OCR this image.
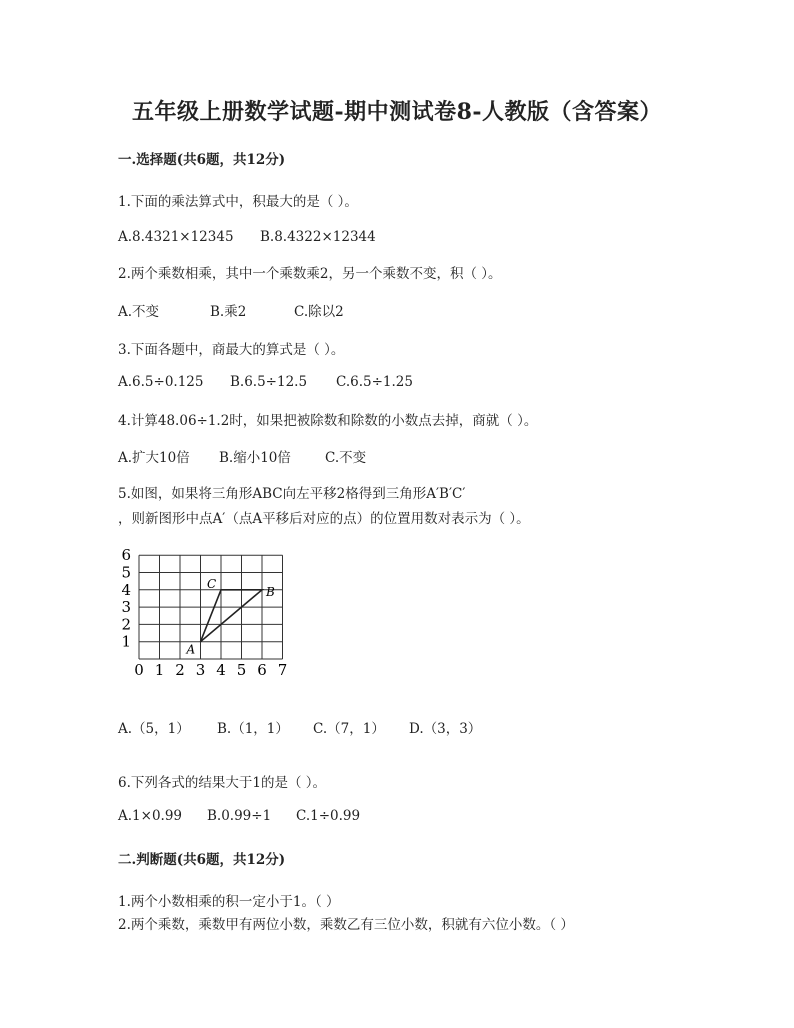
五年级上册数学试题-期中测试卷8-人教版（含答案）
一.选择题(共6题，共12分)
1.下面的乘法算式中，积最大的是（ ）。
A.8.4321×12345 B.8.4322×12344
2.两个乘数相乘，其中一个乘数乘2，另一个乘数不变，积（ ）。
A.不变	B.乘2	C.除以2
3.下面各题中，商最大的算式是（ ）。
A.6.5÷0.125 B.6.5÷12.5 C.6.5÷1.25
4.计算48.06÷1.2时，如果把被除数和除数的小数点去掉，商就（ ）。
A.扩大10倍 B.缩小10倍	C.不变
5.如图，如果将三角形ABC向左平移2格得到三角形A′B′C′
，则新图形中点A′（点A平移后对应的点）的位置用数对表示为（ ）。
0 1 2 3 4 5 6 7
1
2
3
4
5
6
A
B
C
A.（5，1） B.（1，1） C.（7，1） D.（3，3）
6.下列各式的结果大于1的是（ ）。
A.1×0.99 B.0.99÷1 C.1÷0.99
二.判断题(共6题，共12分)
1.两个小数相乘的积一定小于1。（ ）
2.两个乘数，乘数甲有两位小数，乘数乙有三位小数，积就有六位小数。（ ）
